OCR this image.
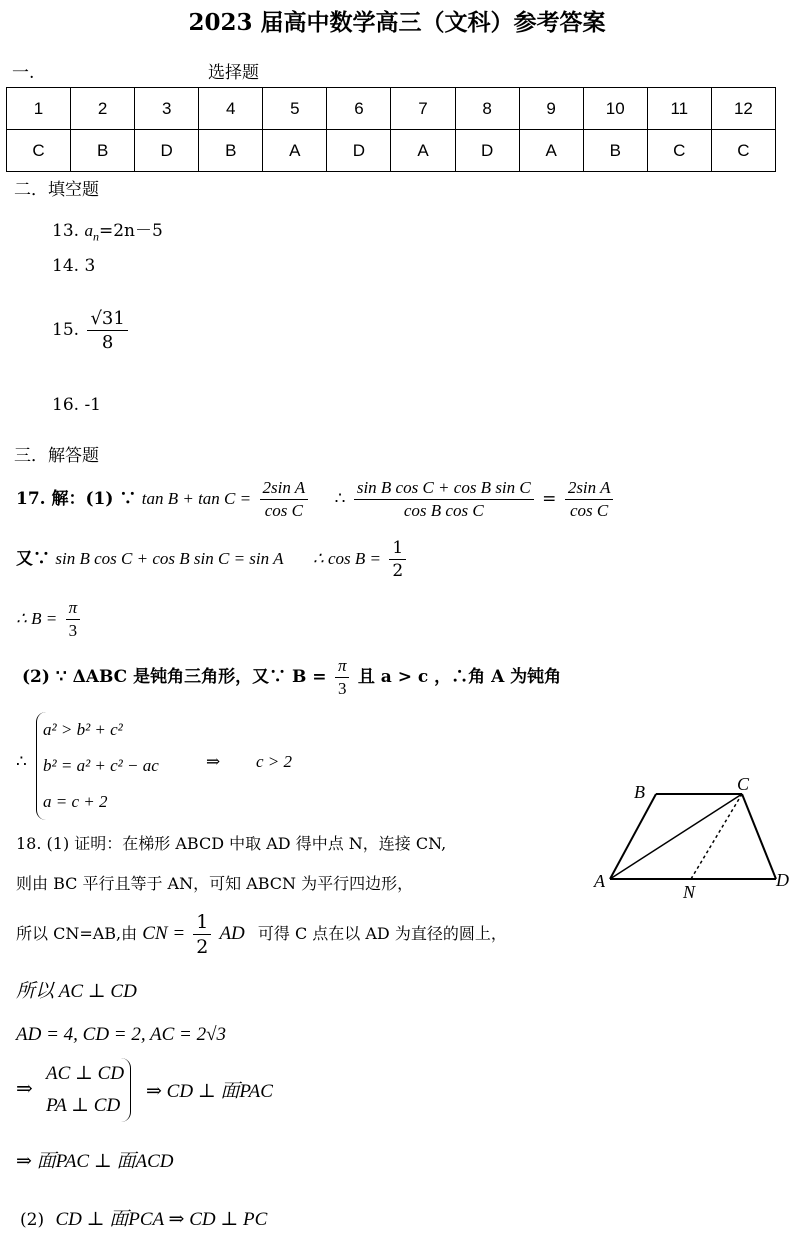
2023 届高中数学高三（文科）参考答案
一.	选择题
1	2	3	4	5	6	7	8	9	10	11	12
C	B	D	B	A	D	A	D	A	B	C	C
二．填空题
13. $a_n=2n-5$
14. 3
15. $\frac{√31}{8}$
16. -1
三．解答题
17. 解：(1) ∵ $\tan B + \tan C = \frac{\text{2sin A}}{\text{cos C}}$ ∴ $\frac{\text{sin B cos C + cos B sin C}}{\text{cos B cos C}} = \frac{\text{2sin A}}{\text{cos C}}$
又∵ sin B cos C + cos B sin C = sin A ∴ $\cos B = \frac{1}{2}$
∴ $B = \frac{\pi}{3}$
(2) ∵ ΔABC 是钝角三角形，又∵ $B = \frac{\pi}{3}$ 且 a > c ，∴角 A 为钝角
∴
a² > b² + c²
b² = a² + c² − ac
a = c + 2
⇒ c > 2
18. (1) 证明：在梯形 ABCD 中取 AD 得中点 N，连接 CN,
则由 BC 平行且等于 AN，可知 ABCN 为平行四边形，
所以 CN=AB,由 CN = $\frac{1}{2}$ AD 可得 C 点在以 AD 为直径的圆上，
所以 AC ⊥ CD
AD = 4, CD = 2, AC = 2√3
⇒
AC ⊥ CD
PA ⊥ CD
⇒ CD ⊥ 面PAC
⇒ 面PAC ⊥ 面ACD
(2) CD ⊥ 面PCA ⇒ CD ⊥ PC
B	C
A
N
D
